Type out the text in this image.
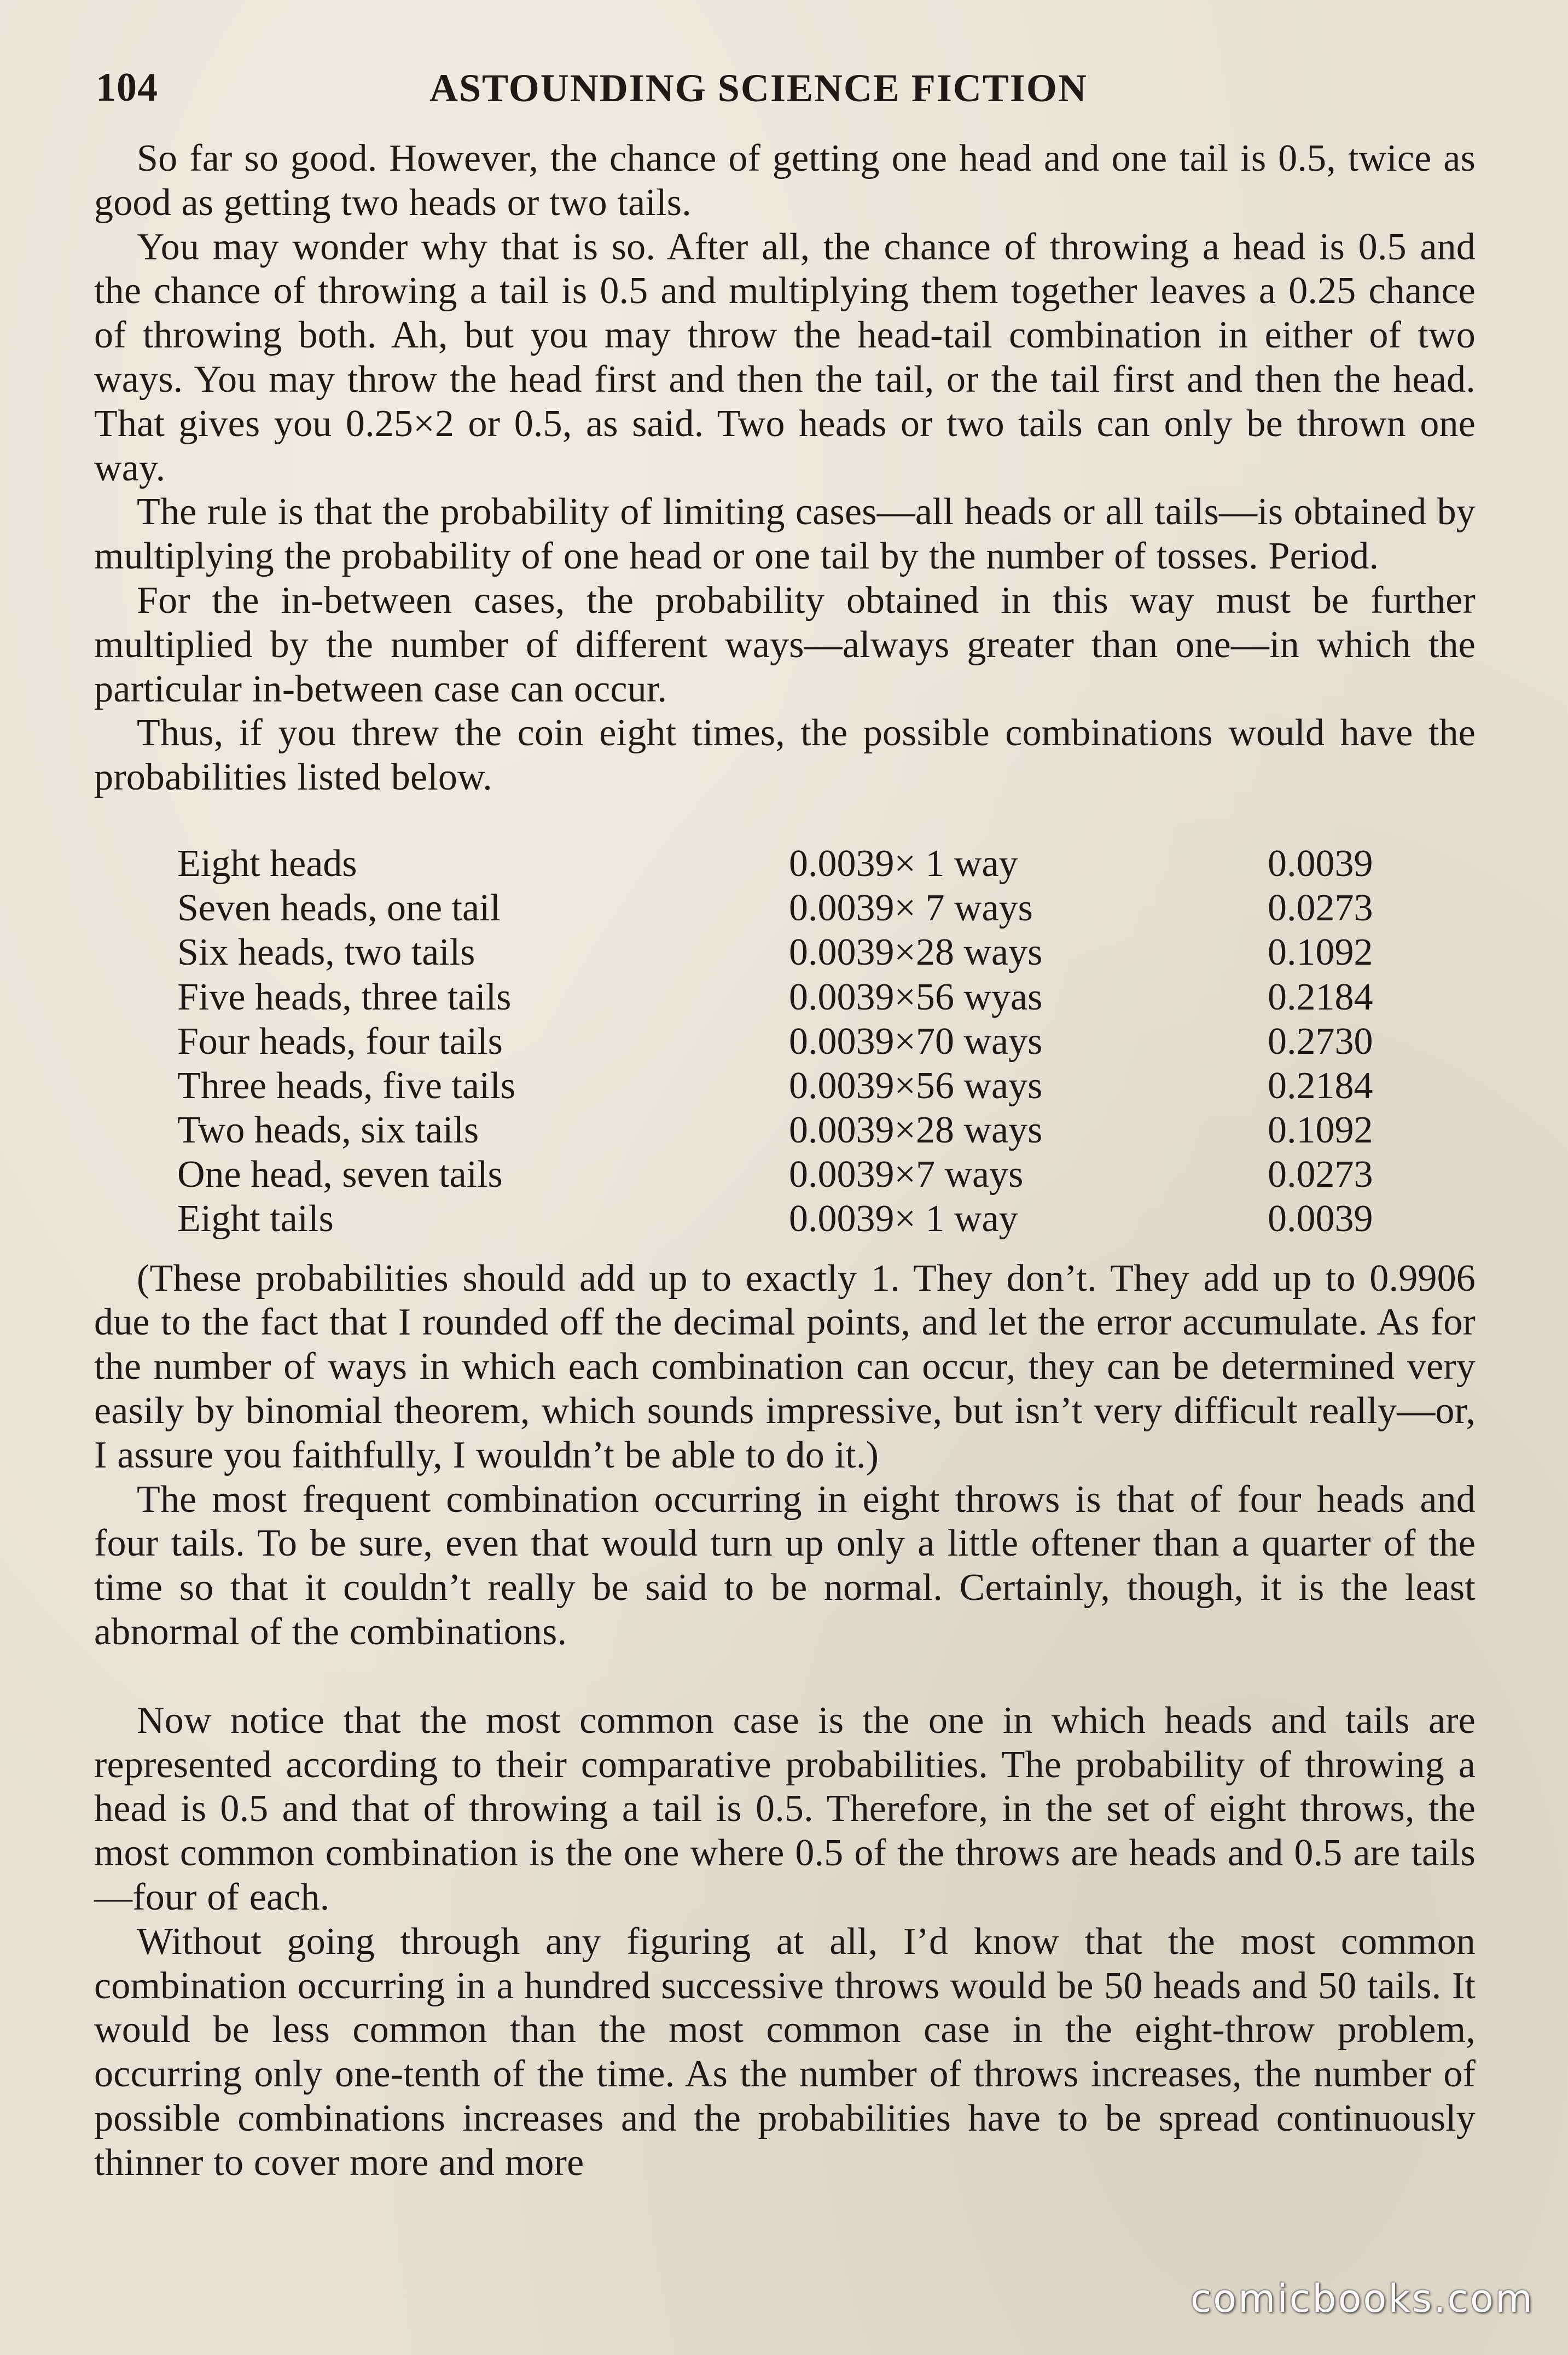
104	ASTOUNDING SCIENCE FICTION

So far so good. However, the chance of getting one head and one tail is 0.5, twice as good as getting two heads or two tails.

You may wonder why that is so. After all, the chance of throwing a head is 0.5 and the chance of throwing a tail is 0.5 and multiplying them together leaves a 0.25 chance of throwing both. Ah, but you may throw the head-tail combination in either of two ways. You may throw the head first and then the tail, or the tail first and then the head. That gives you 0.25×2 or 0.5, as said. Two heads or two tails can only be thrown one way.

The rule is that the probability of limiting cases—all heads or all tails—is obtained by multiplying the probability of one head or one tail by the number of tosses. Period.

For the in-between cases, the probability obtained in this way must be further multiplied by the number of different ways—always greater than one—in which the particular in-between case can occur.

Thus, if you threw the coin eight times, the possible combinations would have the probabilities listed below.

Eight heads	0.0039× 1 way	0.0039
Seven heads, one tail	0.0039× 7 ways	0.0273
Six heads, two tails	0.0039×28 ways	0.1092
Five heads, three tails	0.0039×56 wyas	0.2184
Four heads, four tails	0.0039×70 ways	0.2730
Three heads, five tails	0.0039×56 ways	0.2184
Two heads, six tails	0.0039×28 ways	0.1092
One head, seven tails	0.0039×7 ways	0.0273
Eight tails	0.0039× 1 way	0.0039

(These probabilities should add up to exactly 1. They don’t. They add up to 0.9906 due to the fact that I rounded off the decimal points, and let the error accumulate. As for the number of ways in which each combination can occur, they can be determined very easily by binomial theorem, which sounds impressive, but isn’t very difficult really—or, I assure you faithfully, I wouldn’t be able to do it.)

The most frequent combination occurring in eight throws is that of four heads and four tails. To be sure, even that would turn up only a little oftener than a quarter of the time so that it couldn’t really be said to be normal. Certainly, though, it is the least abnormal of the combinations.

Now notice that the most common case is the one in which heads and tails are represented according to their comparative probabilities. The probability of throwing a head is 0.5 and that of throwing a tail is 0.5. Therefore, in the set of eight throws, the most common combination is the one where 0.5 of the throws are heads and 0.5 are tails—four of each.

Without going through any figuring at all, I’d know that the most common combination occurring in a hundred successive throws would be 50 heads and 50 tails. It would be less common than the most common case in the eight-throw problem, occurring only one-tenth of the time. As the number of throws increases, the number of possible combinations increases and the probabilities have to be spread continuously thinner to cover more and more

comicbooks.com
